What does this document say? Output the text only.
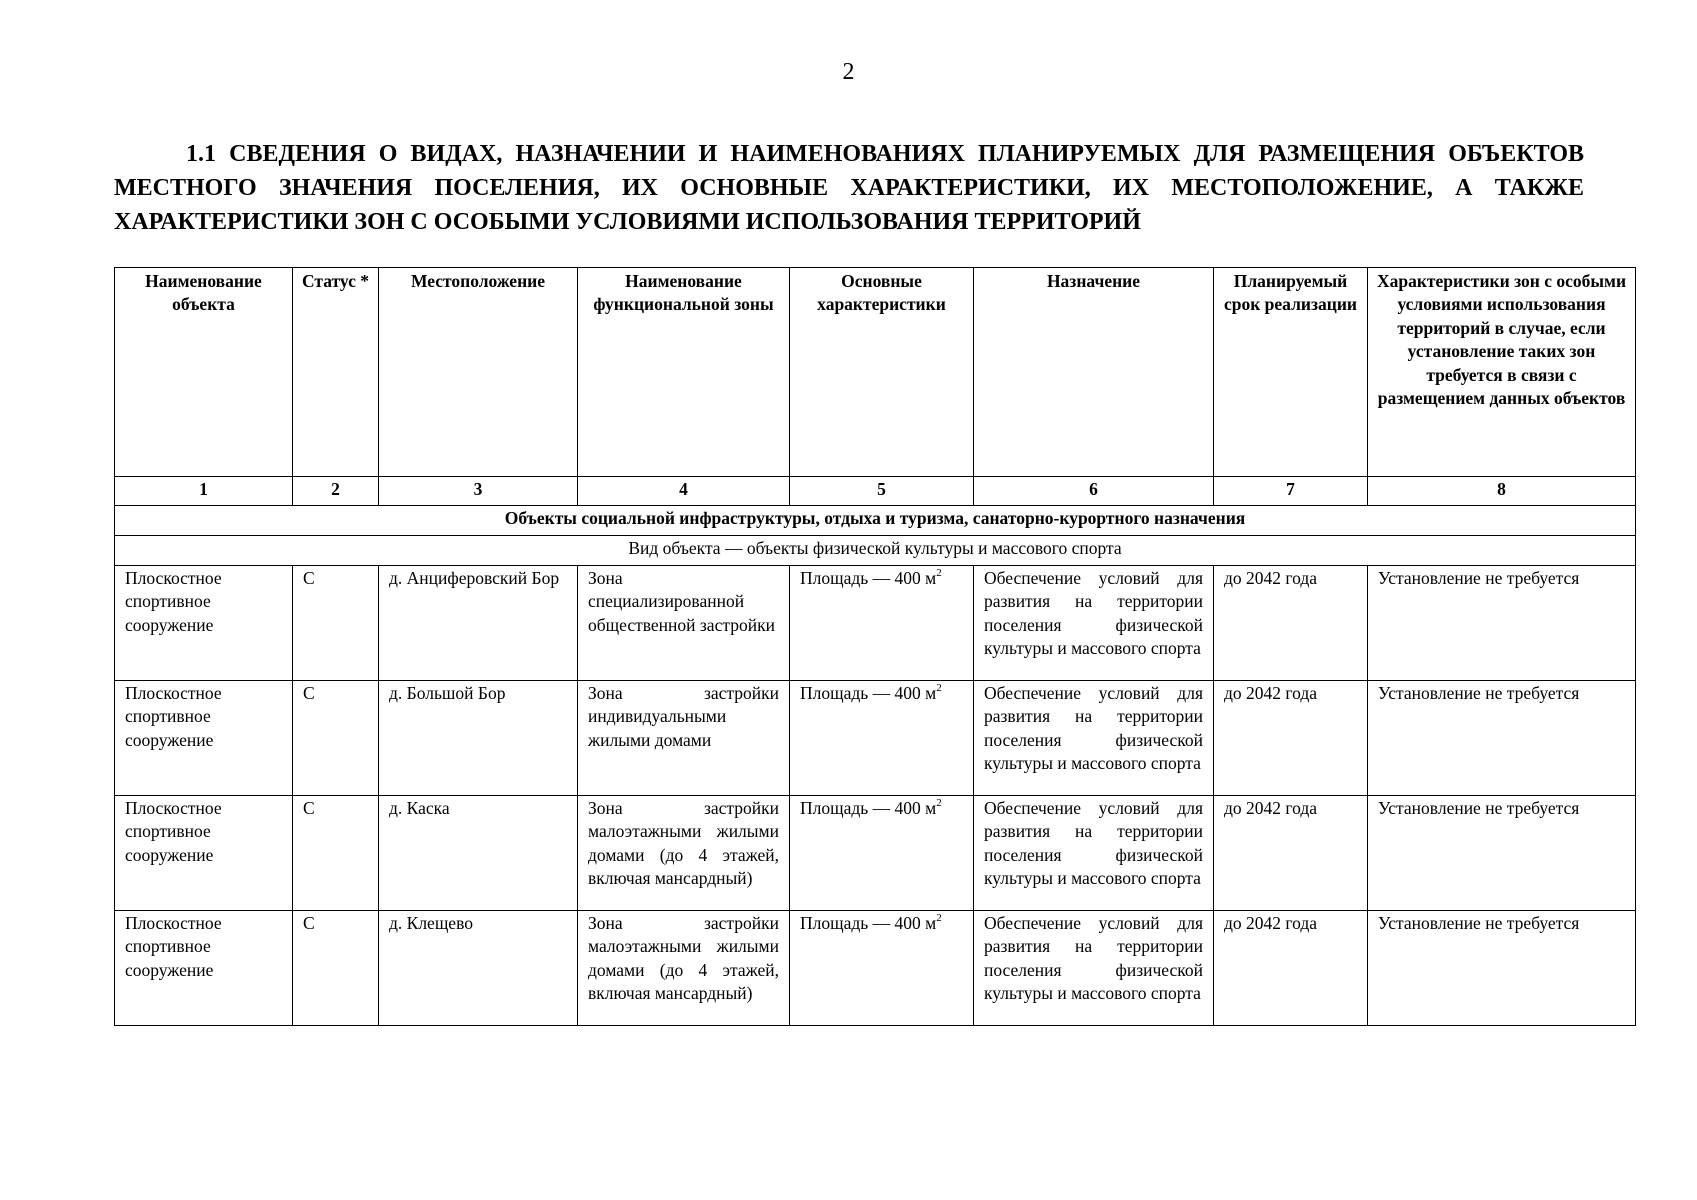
2
1.1 СВЕДЕНИЯ О ВИДАХ, НАЗНАЧЕНИИ И НАИМЕНОВАНИЯХ ПЛАНИРУЕМЫХ ДЛЯ РАЗМЕЩЕНИЯ ОБЪЕКТОВ МЕСТНОГО ЗНАЧЕНИЯ ПОСЕЛЕНИЯ, ИХ ОСНОВНЫЕ ХАРАКТЕРИСТИКИ, ИХ МЕСТОПОЛОЖЕНИЕ, А ТАКЖЕ ХАРАКТЕРИСТИКИ ЗОН С ОСОБЫМИ УСЛОВИЯМИ ИСПОЛЬЗОВАНИЯ ТЕРРИТОРИЙ
Наименование объекта	Статус *	Местоположение	Наименование функциональной зоны	Основные характеристики	Назначение	Планируемый срок реализации	Характеристики зон с особыми условиями использования территорий в случае, если установление таких зон требуется в связи с размещением данных объектов
1	2	3	4	5	6	7	8
Объекты социальной инфраструктуры, отдыха и туризма, санаторно-курортного назначения							
Вид объекта — объекты физической культуры и массового спорта							
Плоскостное спортивное сооружение	С	д. Анциферовский Бор	Зона специализированной общественной застройки	Площадь — 400 $м^2$	Обеспечение условий для развития на территории поселения физической культуры и массового спорта	до 2042 года	Установление не требуется
Плоскостное спортивное сооружение	С	д. Большой Бор	Зона застройки индивидуальными жилыми домами	Площадь — 400 $м^2$	Обеспечение условий для развития на территории поселения физической культуры и массового спорта	до 2042 года	Установление не требуется
Плоскостное спортивное сооружение	С	д. Каска	Зона застройки малоэтажными жилыми домами (до 4 этажей, включая мансардный)	Площадь — 400 $м^2$	Обеспечение условий для развития на территории поселения физической культуры и массового спорта	до 2042 года	Установление не требуется
Плоскостное спортивное сооружение	С	д. Клещево	Зона застройки малоэтажными жилыми домами (до 4 этажей, включая мансардный)	Площадь — 400 $м^2$	Обеспечение условий для развития на территории поселения физической культуры и массового спорта	до 2042 года	Установление не требуется
